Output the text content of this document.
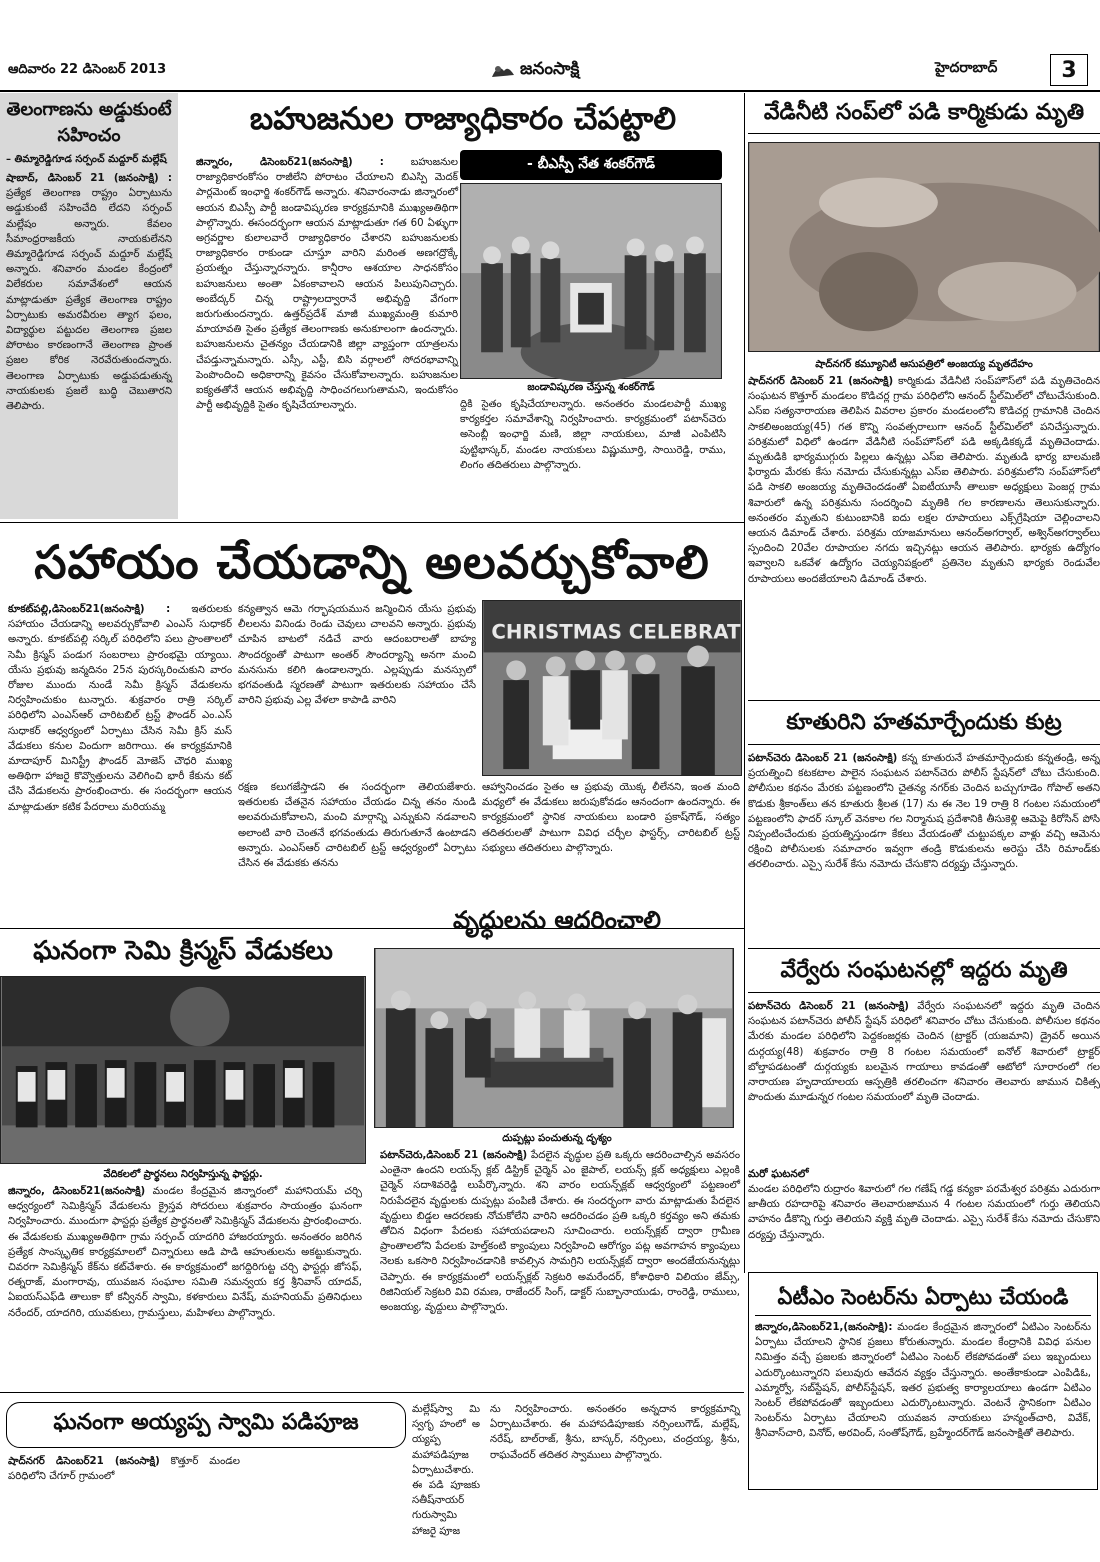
ఆదివారం 22 డిసెంబర్ 2013	జనంసాక్షి	హైదరాబాద్	3
తెలంగాణను అడ్డుకుంటే సహించం
– తిమ్మారెడ్డిగూడ సర్పంచ్ మద్దూర్ మల్లేష్
షాబాద్, డిసెంబర్ 21 (జనంసాక్షి) : ప్రత్యేక తెలంగాణ రాష్ట్రం ఏర్పాటును అడ్డుకుంటే సహించేది లేదని సర్పంచ్ మల్లేషం అన్నారు. కేవలం సీమాంధ్రరాజకీయ నాయకులేనని తిమ్మారెడ్డిగూడ సర్పంచ్ మద్దూర్ మల్లేష్ అన్నారు. శనివారం మండల కేంద్రంలో విలేకరుల సమావేశంలో ఆయన మాట్లాడుతూ ప్రత్యేక తెలంగాణ రాష్ట్రం ఏర్పాటుకు అమరవీరుల త్యాగ ఫలం, విద్యార్థుల పట్టుదల తెలంగాణ ప్రజల పోరాటం కారణంగానే తెలంగాణ ప్రాంత ప్రజల కోరిక నెరవేరుతుందన్నారు. తెలంగాణ ఏర్పాటుకు అడ్డుపడుతున్న నాయకులకు ప్రజలే బుద్ధి చెబుతారని తెలిపారు.
బహుజనుల రాజ్యాధికారం చేపట్టాలి
- బీఎస్పీ నేత శంకర్‌గౌడ్
జిన్నారం, డిసెంబర్21(జనంసాక్షి) :	బహుజనుల రాజ్యాధికారంకోసం రాజీలేని పోరాటం చేయాలని బిఎస్పి మెదక్ పార్లమెంట్ ఇంఛార్జి శంకర్‌గౌడ్ అన్నారు. శనివారంనాడు జిన్నారంలో ఆయన బిఎస్పీ పార్టీ జండావిష్కరణ కార్యక్రమానికి ముఖ్యఅతిథిగా పాల్గొన్నారు. ఈసందర్భంగా ఆయన మాట్లాడుతూ గత 60 ఏళ్ళుగా అగ్రవర్ణాల కులాలవారే రాజ్యాధికారం చేశారని బహుజనులకు రాజ్యాధికారం రాకుండా చూస్తూ వారిని మరింత అణగద్రొక్కే ప్రయత్నం చేస్తున్నారన్నారు. కాన్షీరాం ఆశయాల సాధనకోసం బహుజనులు అంతా ఏకంకావాలని ఆయన పిలుపునిచ్చారు. అంబేద్కర్ చిన్న రాష్ట్రాలద్వారానే అభివృద్ది వేగంగా జరుగుతుందన్నారు. ఉత్తర్‌ప్రదేశ్ మాజీ ముఖ్యమంత్రి కుమారి మాయావతి సైతం ప్రత్యేక తెలంగాణకు అనుకూలంగా ఉందన్నారు. బహుజనులను చైతన్యం చేయడానికి జిల్లా వ్యాప్తంగా యాత్రలను చేపడ్తున్నామన్నారు. ఎస్సీ, ఎస్టీ, బిసి వర్గాలలో సోదరభావాన్ని పెంపొందించి అధికారాన్ని కైవసం చేసుకోవాలన్నారు. బహుజనుల ఐక్యతతోనే ఆయన అభివృద్ది సాధించగలుగుతామని, ఇందుకోసం పార్టీ అభివృద్దికి సైతం కృషిచేయాలన్నారు.
జండావిష్కరణ చేస్తున్న శంకర్‌గౌడ్
ద్దికి సైతం కృషిచేయాలన్నారు. అనంతరం మండలపార్టీ ముఖ్య కార్యకర్తల సమావేశాన్ని నిర్వహించారు. కార్యక్రమంలో పటాన్‌చెరు అసెంబ్లీ ఇంఛార్జి మణి, జిల్లా నాయకులు, మాజీ ఎంపిటిసి పుట్టిభాస్కర్, మండల నాయకులు విష్ణుమూర్తి, సాయిరెడ్డి, రాము, లింగం తదితరులు పాల్గొన్నారు.
వేడినీటి సంప్‌లో పడి కార్మికుడు మృతి
షాద్‌నగర్ కమ్యూనిటీ ఆసుపత్రిలో అంజయ్య మృతదేహం
షాద్‌నగర్ డిసెంబర్ 21 (జనంసాక్షి) కార్మికుడు వేడినీటి సంప్‌హౌస్‌లో పడి మృతిచెందిన సంఘటన కొత్తూర్ మండలం కొడిచర్ల గ్రామ పరిధిలోని ఆనంద్ స్టీల్‌మిల్‌లో చోటుచేసుకుంది. ఎస్ఐ సత్యనారాయణ తెలిపిన వివరాల ప్రకారం మండలంలోని కొడిచర్ల గ్రామానికి చెందిన సాకలిఅంజయ్య(45) గత కొన్ని సంవత్సరాలుగా ఆనంద్ స్టీల్‌మిల్‌లో పనిచేస్తున్నారు. పరిశ్రమలో విధిలో ఉండగా వేడినీటి సంప్‌హౌస్‌లో పడి అక్కడికక్కడే మృతిచెందాడు. మృతుడికి భార్యముగ్గురు పిల్లలు ఉన్నట్లు ఎస్ఐ తెలిపారు. మృతుడి భార్య బాలమణి ఫిర్యాదు మేరకు కేసు నమోదు చేసుకున్నట్లు ఎస్ఐ తెలిపారు. పరిశ్రమలోని సంప్‌హౌస్‌లో పడి సాకలి అంజయ్య మృతిచెందడంతో ఏఐటీయూసీ తాలుకా అధ్యక్షులు పెంజర్ల గ్రామ శివారులో ఉన్న పరిశ్రమను సందర్శించి మృతికి గల కారణాలను తెలుసుకున్నారు. అనంతరం మృతుని కుటుంబానికి ఐదు లక్షల రూపాయలు ఎక్స్‌గ్రేషియా చెల్లించాలని ఆయన డిమాండ్ చేశారు. పరిశ్రమ యాజమానులు ఆనంద్‌అగర్వాల్, అశ్విన్‌అగర్వాల్‌లు స్పందించి 20వేల రూపాయల నగదు ఇచ్చినట్లు ఆయన తెలిపారు. భార్యకు ఉద్యోగం ఇవ్వాలని ఒకవేళ ఉద్యోగం చెయ్యనిపక్షంలో ప్రతినెల మృతుని భార్యకు రెండువేల రూపాయలు అందజేయాలని డిమాండ్ చేశారు.
సహాయం చేయడాన్ని అలవర్చుకోవాలి
కూకట్‌పల్లి,డిసెంబర్21(జనంసాక్షి) : ఇతరులకు సహాయం చేయడాన్ని అలవర్చుకోవాలి ఎంఎస్ సుధాకర్ అన్నారు. కూకట్‌పల్లి సర్కిల్ పరిధిలోని పలు ప్రాంతాలలో సెమీ క్రిస్మస్ పండుగ సంబరాలు ప్రారంభమై య్యాయి. యేసు ప్రభువు జన్మదినం 25న పురస్కరించుకుని వారం రోజుల ముందు నుండే సెమీ క్రిస్మస్ వేడుకలను నిర్వహించుకుం టున్నారు. శుక్రవారం రాత్రి సర్కిల్ పరిధిలోని ఎంఎస్‌ఆర్ చారిటబిల్ ట్రస్ట్ ఫౌండర్ ఎం.ఎస్ సుధాకర్ ఆధ్వర్యంలో ఏర్పాటు చేసిన సెమీ క్రిస్ మస్ వేడుకలు కనుల విందుగా జరిగాయి. ఈ కార్యక్రమానికి మాదాపూర్ మినిస్ట్రీ ఫౌండర్ మోజెస్ చౌధరి ముఖ్య అతిథిగా హాజరై కొవ్వొత్తులను వెలిగించి భారీ కేకును కట్ చేసి వేడుకలను ప్రారంభించారు. ఈ సందర్భంగా ఆయన మాట్లాడుతూ కటిక పేదరాలు మరియమ్మ
కన్యత్వాన ఆమె గర్భాషయమున జన్మించిన యేసు ప్రభువు లీలలను వినిండు రెండు చెవులు చాలవని అన్నారు. ప్రభువు చూపిన బాటలో నడిచే వారు ఆదంబరాలతో బాహ్య సౌందర్యంతో పాటుగా అంతర్ సౌందర్యాన్ని అనగా మంచి మనసును కలిగి ఉండాలన్నారు. ఎల్లప్పుడు మనస్సులో భగవంతుడి స్మరణతో పాటుగా ఇతరులకు సహాయం చేసే వారిని ప్రభువు ఎల్ల వేళలా కాపాడి వారిని
CHRISTMAS CELEBRAT
రక్షణ కలుగజేస్తాడని ఈ సందర్భంగా తెలియజేశారు. ఇతరులకు చేతనైన సహాయం చేయడం చిన్న తనం నుండి అలవరుచుకోవాలని, మంచి మార్గాన్ని ఎన్నుకుని నడవాలని అలాంటి వారి చెంతనే భగవంతుడు తిరుగుతూనే ఉంటాడని అన్నారు. ఎంఎస్‌ఆర్ చారిటబిల్ ట్రస్ట్ ఆధ్వర్యంలో ఏర్పాటు చేసిన ఈ వేడుకకు తనను
ఆహ్వానించడం సైతం ఆ ప్రభువు యొక్క లీలేనని, ఇంత మంది మధ్యలో ఈ వేడుకలు జరుపుకోవడం ఆనందంగా ఉందన్నారు. ఈ కార్యక్రమంలో స్థానిక నాయకులు బండారి ప్రకాష్‌గౌడ్, సత్యం తదితరులతో పాటుగా వివిధ చర్చీల ఫాస్టర్స్, చారిటబిల్ ట్రస్ట్ సభ్యులు తదితరులు పాల్గొన్నారు.
కూతురిని హతమార్చేందుకు కుట్ర
పటాన్‌చెరు డిసెంబర్ 21 (జనంసాక్షి) కన్న కూతురునే హతమార్చెందుకు కన్నతండ్రి, అన్న ప్రయత్నించి కటకటాల పాలైన సంఘటన పటాన్‌చెరు పోలీస్ స్టేషన్‌లో చోటు చేసుకుంది. పోలీసుల కథనం మేరకు పట్టణంలోని చైతన్య నగర్‌కు చెందిన బచ్చుగూడెం గోపాల్ అతని కొడుకు శ్రీకాంత్‌లు తన కూతురు శ్రీలత (17) ను ఈ నెల 19 రాత్రి 8 గంటల సమయంలో పట్టణంలోని ఫాదర్ స్కూల్ వెనకాల గల నిర్మానుష ప్రదేశానికి తీసుకెళ్లి ఆమెపై కిరోసిన్ పోసి నిప్పంటించేందుకు ప్రయత్నిస్తుండగా కేకలు వేయడంతో చుట్టుపక్కల వాళ్లు వచ్చి ఆమెను రక్షించి పోలీసులకు సమాచారం ఇవ్వగా తండ్రి కొడుకులను అరెస్టు చేసి రిమాండ్‌కు తరలించారు. ఎస్సై సురేశ్ కేసు నమోదు చేసుకొని దర్యప్తు చేస్తున్నారు.
వేర్వేరు సంఘటనల్లో ఇద్దరు మృతి
పటాన్‌చెరు డిసెంబర్ 21 (జనంసాక్షి) వేర్వేరు సంఘటనలో ఇద్దరు మృతి చెందిన సంఘటన పటాన్‌చెరు పోలీస్ స్టేషన్ పరిధిలో శనివారం చోటు చేసుకుంది. పోలీసుల కథనం మేరకు మండల పరిధిలోని పెద్దకంజర్లకు చెందిన (ట్రాక్టర్ (యజమాని) డ్రైవర్ అయిన దుర్గయ్య(48) శుక్రవారం రాత్రి 8 గంటల సమయంలో ఐనోల్ శివారులో ట్రాక్టర్ బోల్తాపడటంతో దుర్గయ్యకు బలమైన గాయాలు కావడంతో ఆటోలో సూరారంలో గల నారాయణ హృదాయాలయ ఆస్పత్రికి తరలించగా శనివారం తెలవారు జామున చికిత్స పొందుతు మూడున్నర గంటల సమయంలో మృతి చెందాడు.
మరో ఘటనలో
మండల పరిధిలోని రుద్రారం శివారులో గల గణేష్ గడ్డ కన్యకా పరమేశ్వర పరిశ్రమ ఎదురుగా జాతీయ రహదారిపై శనివారం తెలవారుజామున 4 గంటల సమయంలో గుర్తు తెలియని వాహనం డీకొన్ని గుర్తు తెలియని వ్యక్తి మృతి చెందాడు. ఎస్సై సురేశ్ కేసు నమోదు చేసుకొని దర్యప్తు చేస్తున్నారు.
ఘనంగా సెమి క్రిస్మస్ వేడుకలు
వేదికలలో ప్రార్థనలు నిర్వహిస్తున్న ఫాస్టర్లు.
జిన్నారం, డిసెంబర్21(జనంసాక్షి) మండల కేంద్రమైన జిన్నారంలో మహానియమ్ చర్చి ఆధ్వర్యంలో సెమిక్రిస్మస్ వేడుకలను క్రైస్తవ సోదరులు శుక్రవారం సాయంత్రం ఘనంగా నిర్వహించారు. ముందుగా ఫాస్టర్లు ప్రత్యేక ప్రార్థనలతో సెమిక్రిస్మస్ వేడుకలను ప్రారంభించారు. ఈ వేడుకలకు ముఖ్యఅతిథిగా గ్రామ సర్పంచ్ యాదగిరి హాజరయ్యారు. అనంతరం జరిగిన ప్రత్యేక సాంస్కృతిక కార్యక్రమాలలో చిన్నారులు ఆడి పాడి ఆహుతులను అకట్టుకున్నారు. చివరగా సెమిక్రిస్మస్ కేక్‌ను కట్‌చేశారు. ఈ కార్యక్రమంలో జగద్దిరిగుట్ట చర్చి ఫాస్టర్లు జోసఫ్, రత్నరాజ్, మంగారావు, యువజన సంఘాల సమితి సమన్వయ కర్త శ్రీనివాస్ యాదవ్, ఏఐయస్‌ఎఫ్‌డి తాలుకా కో కన్వీనర్ స్వామి, కళకారులు వినేష్, మహనియమ్ ప్రతినిధులు నరేందర్, యాదగిరి, యువకులు, గ్రామస్తులు, మహిళలు పాల్గొన్నారు.
వృద్ధులను ఆదరించాలి
దుప్పట్లు పంచుతున్న దృశ్యం
పటాన్‌చెరు,డిసెంబర్ 21 (జనంసాక్షి) పేదలైన వృద్ధుల ప్రతి ఒక్కరు ఆదరించాల్సిన అవసరం ఎంతైనా ఉందని లయన్స్ క్లబ్ డిస్ట్రిక్ చైర్మెన్ ఎం జైపాల్, లయన్స్ క్లబ్ అధ్యక్షులు ఎల్లంకి చైర్మెన్ సదాశివరెడ్డి లుపేర్కొన్నారు. శని వారం లయన్స్‌క్లబ్ ఆధ్వర్యంలో పట్టణంలో నిరుపేదలైన వృద్దులకు దుప్పట్లు పంపిణి చేశారు. ఈ సందర్భంగా వారు మాట్లాడుతు పేదలైన వృద్దులు బిడ్డల ఆదరణకు నోచుకోలేని వారిని ఆదరించడం ప్రతి ఒక్కరి కర్తవ్యం అని తమకు తోచిన విధంగా పేదలకు సహాయపడాలని సూచించారు. లయన్స్‌క్లబ్ ద్వారా గ్రామీణ ప్రాంతాలలోని పేదలకు హెల్త్‌కంటి క్యాంపులు నిర్వహించి ఆరోగ్యం పట్ల అవగాహన క్యాంపులు నెలకు ఒకసారి నిర్వహించడానికి కావల్సిన సామగ్రిని లయన్స్‌క్లబ్ ద్వారా అందజేయనున్నట్లు చెప్పారు. ఈ కార్యక్రమంలో లయన్స్‌క్లబ్ సెక్రటరి అమరేందర్, కోశాధికారి విలియం జేమ్స్, రిజినియల్ సెక్రటరి వివి రమణ, రాజేందర్ సింగ్, డాక్టర్ సుబ్బానాయుడు, రాంరెడ్డి, రాములు, అంజయ్య, వృద్దులు పాల్గొన్నారు.	ఏటీఎం సెంటర్‌ను ఏర్పాటు చేయండి
జిన్నారం,డిసెంబర్21,(జనంసాక్షి): మండల కేంద్రమైన జిన్నారంలో ఏటిఎం సెంటర్‌ను ఏర్పాటు చేయాలని స్థానిక ప్రజలు కోరుతున్నారు. మండల కేంద్రానికి వివిధ పనుల నిమిత్తం వచ్చే ప్రజలకు జిన్నారంలో ఏటిఎం సెంటర్ లేకపోవడంతో పలు ఇబ్బందులు ఎదుర్కొంటున్నారని పలువురు ఆవేదన వ్యక్తం చేస్తున్నారు. అంతేకాకుండా ఎంపిడిఓ, ఎమ్మార్వో, సబ్‌స్టేషన్, పోలీస్‌స్టేషన్, ఇతర ప్రభుత్వ కార్యాలయాలు ఉండగా ఏటిఎం సెంటర్ లేకపోవడంతో ఇబ్బందులు ఎదుర్కొంటున్నారు. వెంటనే స్థానికంగా ఏటిఎం సెంటర్‌ను ఏర్పాటు చేయాలని యువజన నాయకులు హన్మంత్‌చారి, వివేక్, శ్రీనివాస్‌చారి, వినోద్, అరవింద్, సంతోష్‌గౌడ్, బ్రహ్మేందర్‌గౌడ్ జనంసాక్షితో తెలిపారు.
ఘనంగా అయ్యప్ప స్వామి పడిపూజ
షాద్‌నగర్ డిసెంబర్21 (జనంసాక్షి) కొత్తూర్ మండల పరిధిలోని చేగూర్ గ్రామంలో
మల్లేష్‌స్వా మి స్వగృ హంలో అ య్యప్ప మహాపడిపూజ ఏర్పాటుచేశారు. ఈ పడి పూజకు సతీష్‌నాయర్ గురుస్వామి హాజరై పూజ
ను నిర్వహించారు. అనంతరం అన్నదాన కార్యక్రమాన్ని ఏర్పాటుచేశారు. ఈ మహాపడిపూజకు నర్సింలుగౌడ్, మల్లేష్, నరేష్, బాల్‌రాజ్, శ్రీను, బాస్కర్, నర్సింలు, చంద్రయ్య, శ్రీను, రాఘవేందర్ తదితర స్వాములు పాల్గొన్నారు.
